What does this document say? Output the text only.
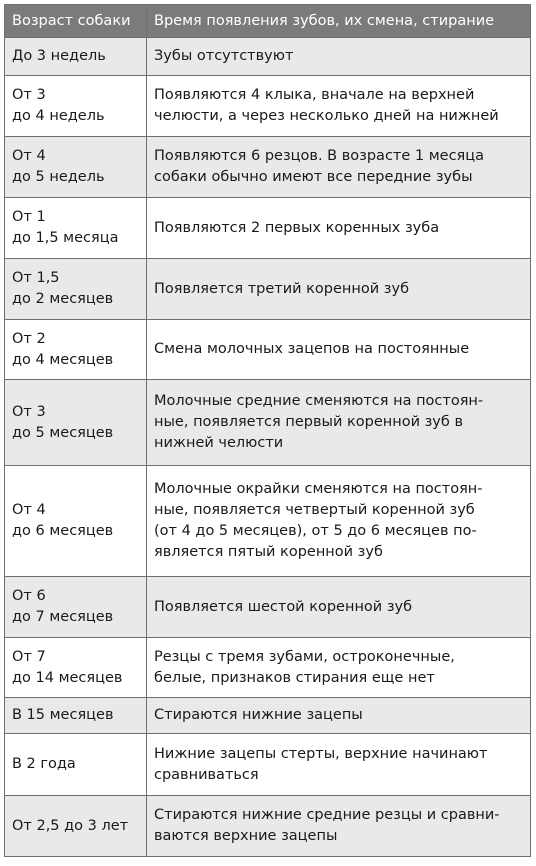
Возраст собаки	Время появления зубов, их смена, стирание

До 3 недель	Зубы отсутствуют

От 3
до 4 недель	Появляются 4 клыка, вначале на верхней
челюсти, а через несколько дней на нижней

От 4
до 5 недель	Появляются 6 резцов. В возрасте 1 месяца
собаки обычно имеют все передние зубы

От 1
до 1,5 месяца	Появляются 2 первых коренных зуба

От 1,5
до 2 месяцев	Появляется третий коренной зуб

От 2
до 4 месяцев	Смена молочных зацепов на постоянные

От 3
до 5 месяцев	Молочные средние сменяются на постоян-
ные, появляется первый коренной зуб в
нижней челюсти

От 4
до 6 месяцев	Молочные окрайки сменяются на постоян-
ные, появляется четвертый коренной зуб
(от 4 до 5 месяцев), от 5 до 6 месяцев по-
является пятый коренной зуб

От 6
до 7 месяцев	Появляется шестой коренной зуб

От 7
до 14 месяцев	Резцы с тремя зубами, остроконечные,
белые, признаков стирания еще нет

В 15 месяцев	Стираются нижние зацепы

В 2 года	Нижние зацепы стерты, верхние начинают
сравниваться

От 2,5 до 3 лет	Стираются нижние средние резцы и сравни-
ваются верхние зацепы
